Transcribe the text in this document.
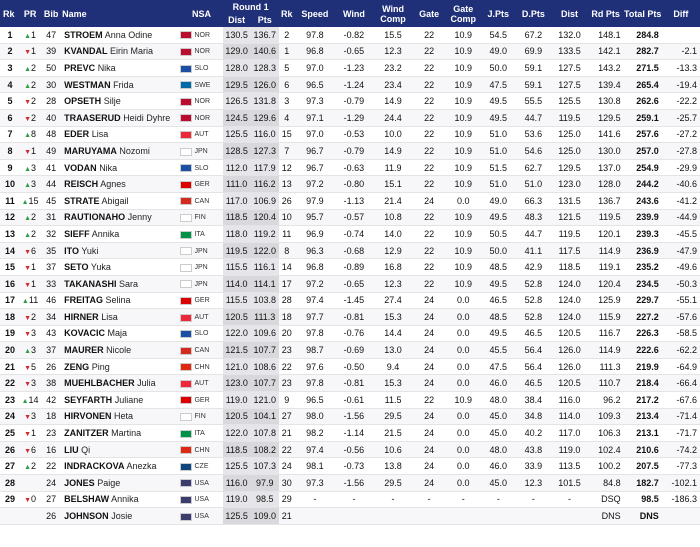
Rk	PR	Bib	Name	NSA	Round 1		Rk	Speed	Wind	Wind Comp	Gate	Gate Comp	J.Pts	D.Pts	Dist	Rd Pts	Total Pts	Diff
					Dist	Pts												
1	▲1	47	STROEM Anna Odine	NOR	130.5	136.7	2	97.8	-0.82	15.5	22	10.9	54.5	67.2	132.0	148.1	284.8	
2	▼1	39	KVANDAL Eirin Maria	NOR	129.0	140.6	1	96.8	-0.65	12.3	22	10.9	49.0	69.9	133.5	142.1	282.7	-2.1
3	▲2	50	PREVC Nika	SLO	128.0	128.3	5	97.0	-1.23	23.2	22	10.9	50.0	59.1	127.5	143.2	271.5	-13.3
4	▲2	30	WESTMAN Frida	SWE	129.5	126.0	6	96.5	-1.24	23.4	22	10.9	47.5	59.1	127.5	139.4	265.4	-19.4
5	▼2	28	OPSETH Silje	NOR	126.5	131.8	3	97.3	-0.79	14.9	22	10.9	49.5	55.5	125.5	130.8	262.6	-22.2
6	▼2	40	TRAASERUD Heidi Dyhre	NOR	124.5	129.6	4	97.1	-1.29	24.4	22	10.9	49.5	44.7	119.5	129.5	259.1	-25.7
7	▲8	48	EDER Lisa	AUT	125.5	116.0	15	97.0	-0.53	10.0	22	10.9	51.0	53.6	125.0	141.6	257.6	-27.2
8	▼1	49	MARUYAMA Nozomi	JPN	128.5	127.3	7	96.7	-0.79	14.9	22	10.9	51.0	54.6	125.0	130.0	257.0	-27.8
9	▲3	41	VODAN Nika	SLO	112.0	117.9	12	96.7	-0.63	11.9	22	10.9	51.5	62.7	129.5	137.0	254.9	-29.9
10	▲3	44	REISCH Agnes	GER	111.0	116.2	13	97.2	-0.80	15.1	22	10.9	51.0	51.0	123.0	128.0	244.2	-40.6
11	▲15	45	STRATE Abigail	CAN	117.0	106.9	26	97.9	-1.13	21.4	24	0.0	49.0	66.3	131.5	136.7	243.6	-41.2
12	▲2	31	RAUTIONAHO Jenny	FIN	118.5	120.4	10	95.7	-0.57	10.8	22	10.9	49.5	48.3	121.5	119.5	239.9	-44.9
13	▲2	32	SIEFF Annika	ITA	118.0	119.2	11	96.9	-0.74	14.0	22	10.9	50.5	44.7	119.5	120.1	239.3	-45.5
14	▼6	35	ITO Yuki	JPN	119.5	122.0	8	96.3	-0.68	12.9	22	10.9	50.0	41.1	117.5	114.9	236.9	-47.9
15	▼1	37	SETO Yuka	JPN	115.5	116.1	14	96.8	-0.89	16.8	22	10.9	48.5	42.9	118.5	119.1	235.2	-49.6
16	▼1	33	TAKANASHI Sara	JPN	114.0	114.1	17	97.2	-0.65	12.3	22	10.9	49.5	52.8	124.0	120.4	234.5	-50.3
17	▲11	46	FREITAG Selina	GER	115.5	103.8	28	97.4	-1.45	27.4	24	0.0	46.5	52.8	124.0	125.9	229.7	-55.1
18	▼2	34	HIRNER Lisa	AUT	120.5	111.3	18	97.7	-0.81	15.3	24	0.0	48.5	52.8	124.0	115.9	227.2	-57.6
19	▼3	43	KOVACIC Maja	SLO	122.0	109.6	20	97.8	-0.76	14.4	24	0.0	49.5	46.5	120.5	116.7	226.3	-58.5
20	▲3	37	MAURER Nicole	CAN	121.5	107.7	23	98.7	-0.69	13.0	24	0.0	45.5	56.4	126.0	114.9	222.6	-62.2
21	▼5	26	ZENG Ping	CHN	121.0	108.6	22	97.6	-0.50	9.4	24	0.0	47.5	56.4	126.0	111.3	219.9	-64.9
22	▼3	38	MUEHLBACHER Julia	AUT	123.0	107.7	23	97.8	-0.81	15.3	24	0.0	46.0	46.5	120.5	110.7	218.4	-66.4
23	▲14	42	SEYFARTH Juliane	GER	119.0	121.0	9	96.5	-0.61	11.5	22	10.9	48.0	38.4	116.0	96.2	217.2	-67.6
24	▼3	18	HIRVONEN Heta	FIN	120.5	104.1	27	98.0	-1.56	29.5	24	0.0	45.0	34.8	114.0	109.3	213.4	-71.4
25	▼1	23	ZANITZER Martina	ITA	122.0	107.8	21	98.2	-1.14	21.5	24	0.0	45.0	40.2	117.0	106.3	213.1	-71.7
26	▼6	16	LIU Qi	CHN	118.5	108.2	22	97.4	-0.56	10.6	24	0.0	48.0	43.8	119.0	102.4	210.6	-74.2
27	▲2	22	INDRACKOVA Anezka	CZE	125.5	107.3	24	98.1	-0.73	13.8	24	0.0	46.0	33.9	113.5	100.2	207.5	-77.3
28		24	JONES Paige	USA	116.0	97.9	30	97.3	-1.56	29.5	24	0.0	45.0	12.3	101.5	84.8	182.7	-102.1
29	▼0	27	BELSHAW Annika	USA	119.0	98.5	29	-	-	-	-	-	-	-	-	DSQ	98.5	-186.3
		26	JOHNSON Josie	USA	125.5	109.0	21									DNS	DNS	
